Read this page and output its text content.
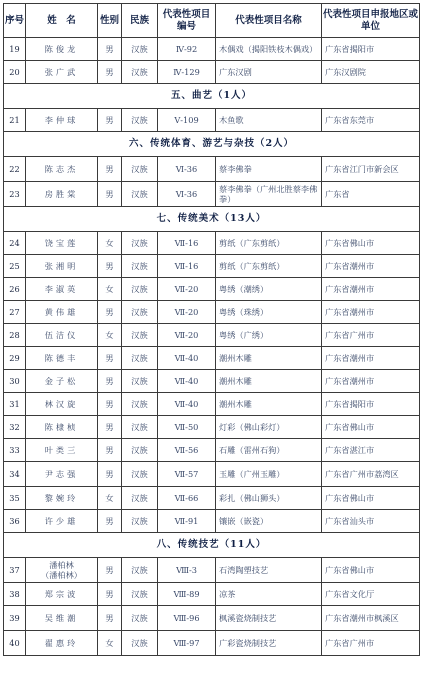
序号	姓　名	性别	民族	代表性项目编号	代表性项目名称	代表性项目申报地区或单位
19	陈俊龙	男	汉族	Ⅳ-92	木偶戏（揭阳铁枝木偶戏）	广东省揭阳市
20	张广武	男	汉族	Ⅳ-129	广东汉剧	广东汉剧院
五、曲艺（1人）						
21	李仲球	男	汉族	Ⅴ-109	木鱼歌	广东省东莞市
六、传统体育、游艺与杂技（2人）						
22	陈志杰	男	汉族	Ⅵ-36	蔡李佛拳	广东省江门市新会区
23	房胜棠	男	汉族	Ⅵ-36	蔡李佛拳（广州北胜蔡李佛拳）	广东省
七、传统美术（13人）						
24	饶宝莲	女	汉族	Ⅶ-16	剪纸（广东剪纸）	广东省佛山市
25	张湘明	男	汉族	Ⅶ-16	剪纸（广东剪纸）	广东省潮州市
26	李淑英	女	汉族	Ⅶ-20	粤绣（潮绣）	广东省潮州市
27	黄伟雄	男	汉族	Ⅶ-20	粤绣（珠绣）	广东省潮州市
28	伍洁仪	女	汉族	Ⅶ-20	粤绣（广绣）	广东省广州市
29	陈德丰	男	汉族	Ⅶ-40	潮州木雕	广东省潮州市
30	金子松	男	汉族	Ⅶ-40	潮州木雕	广东省潮州市
31	林汉旋	男	汉族	Ⅶ-40	潮州木雕	广东省揭阳市
32	陈棣桢	男	汉族	Ⅶ-50	灯彩（佛山彩灯）	广东省佛山市
33	叶类三	男	汉族	Ⅶ-56	石雕（雷州石狗）	广东省湛江市
34	尹志强	男	汉族	Ⅶ-57	玉雕（广州玉雕）	广东省广州市荔湾区
35	黎婉玲	女	汉族	Ⅶ-66	彩扎（佛山狮头）	广东省佛山市
36	许少雄	男	汉族	Ⅶ-91	镶嵌（嵌瓷）	广东省汕头市
八、传统技艺（11人）						
37	潘柏林
（潘柏林）	男	汉族	Ⅷ-3	石湾陶塑技艺	广东省佛山市
38	郑宗波	男	汉族	Ⅷ-89	凉茶	广东省文化厅
39	吴维潮	男	汉族	Ⅷ-96	枫溪瓷烧制技艺	广东省潮州市枫溪区
40	翟惠玲	女	汉族	Ⅷ-97	广彩瓷烧制技艺	广东省广州市
